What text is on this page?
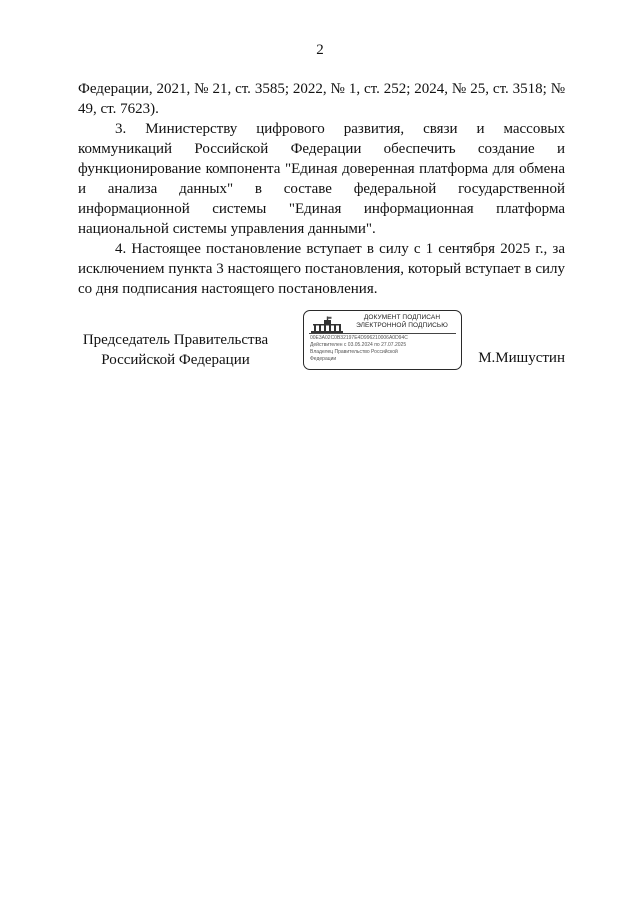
2

Федерации, 2021, № 21, ст. 3585; 2022, № 1, ст. 252; 2024, № 25, ст. 3518; № 49, ст. 7623).

3. Министерству цифрового развития, связи и массовых коммуникаций Российской Федерации обеспечить создание и функционирование компонента "Единая доверенная платформа для обмена и анализа данных" в составе федеральной государственной информационной системы "Единая информационная платформа национальной системы управления данными".

4. Настоящее постановление вступает в силу с 1 сентября 2025 г., за исключением пункта 3 настоящего постановления, который вступает в силу со дня подписания настоящего постановления.

Председатель Правительства
Российской Федерации
ДОКУМЕНТ ПОДПИСАН
ЭЛЕКТРОННОЙ ПОДПИСЬЮ
00E3A02C0B32197E4D996210006A0D94C
Действителен с 03.05.2024 по 27.07.2025
Владелец Правительство Российской
Федерации	М.Мишустин
